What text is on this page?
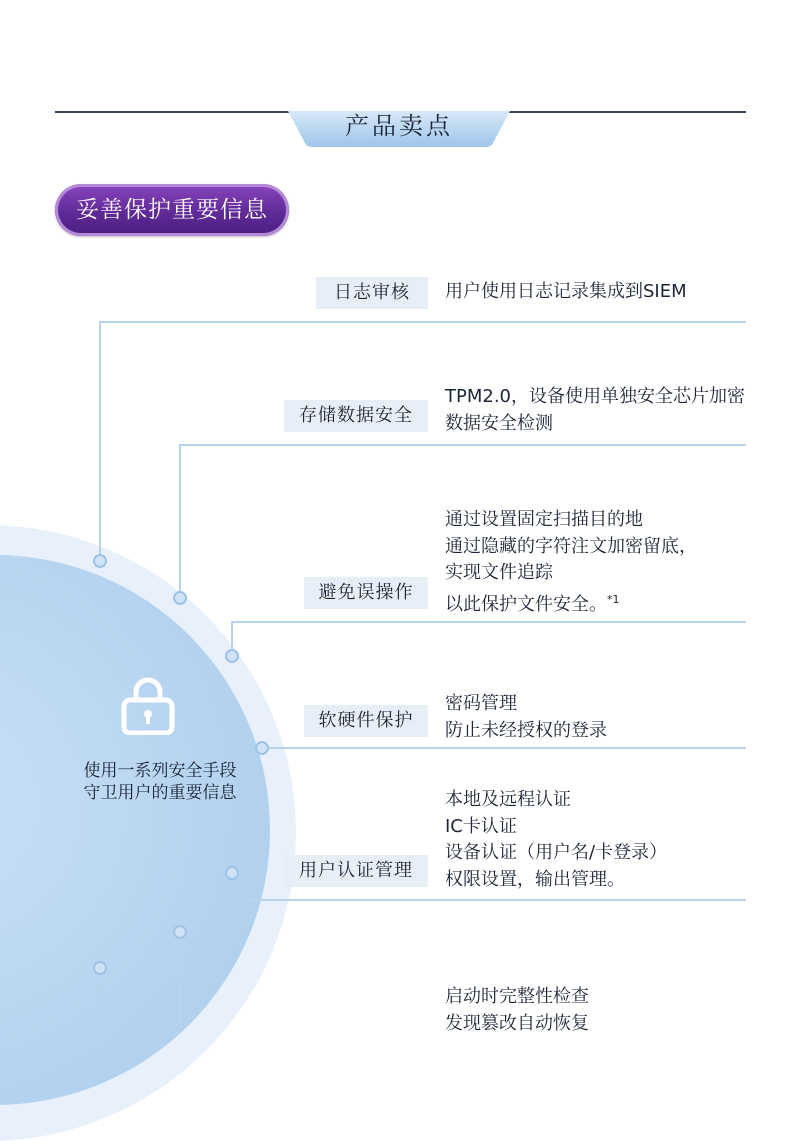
产品卖点
妥善保护重要信息
使用一系列安全手段
守卫用户的重要信息
日志审核	用户使用日志记录集成到SIEM
存储数据安全
TPM2.0，设备使用单独安全芯片加密
数据安全检测
避免误操作
通过设置固定扫描目的地
通过隐藏的字符注文加密留底，
实现文件追踪
以此保护文件安全。$^{*1}$
软硬件保护
密码管理
防止未经授权的登录
用户认证管理
本地及远程认证
IC卡认证
设备认证（用户名/卡登录）
权限设置，输出管理。
启动时完整性检查
发现篡改自动恢复
